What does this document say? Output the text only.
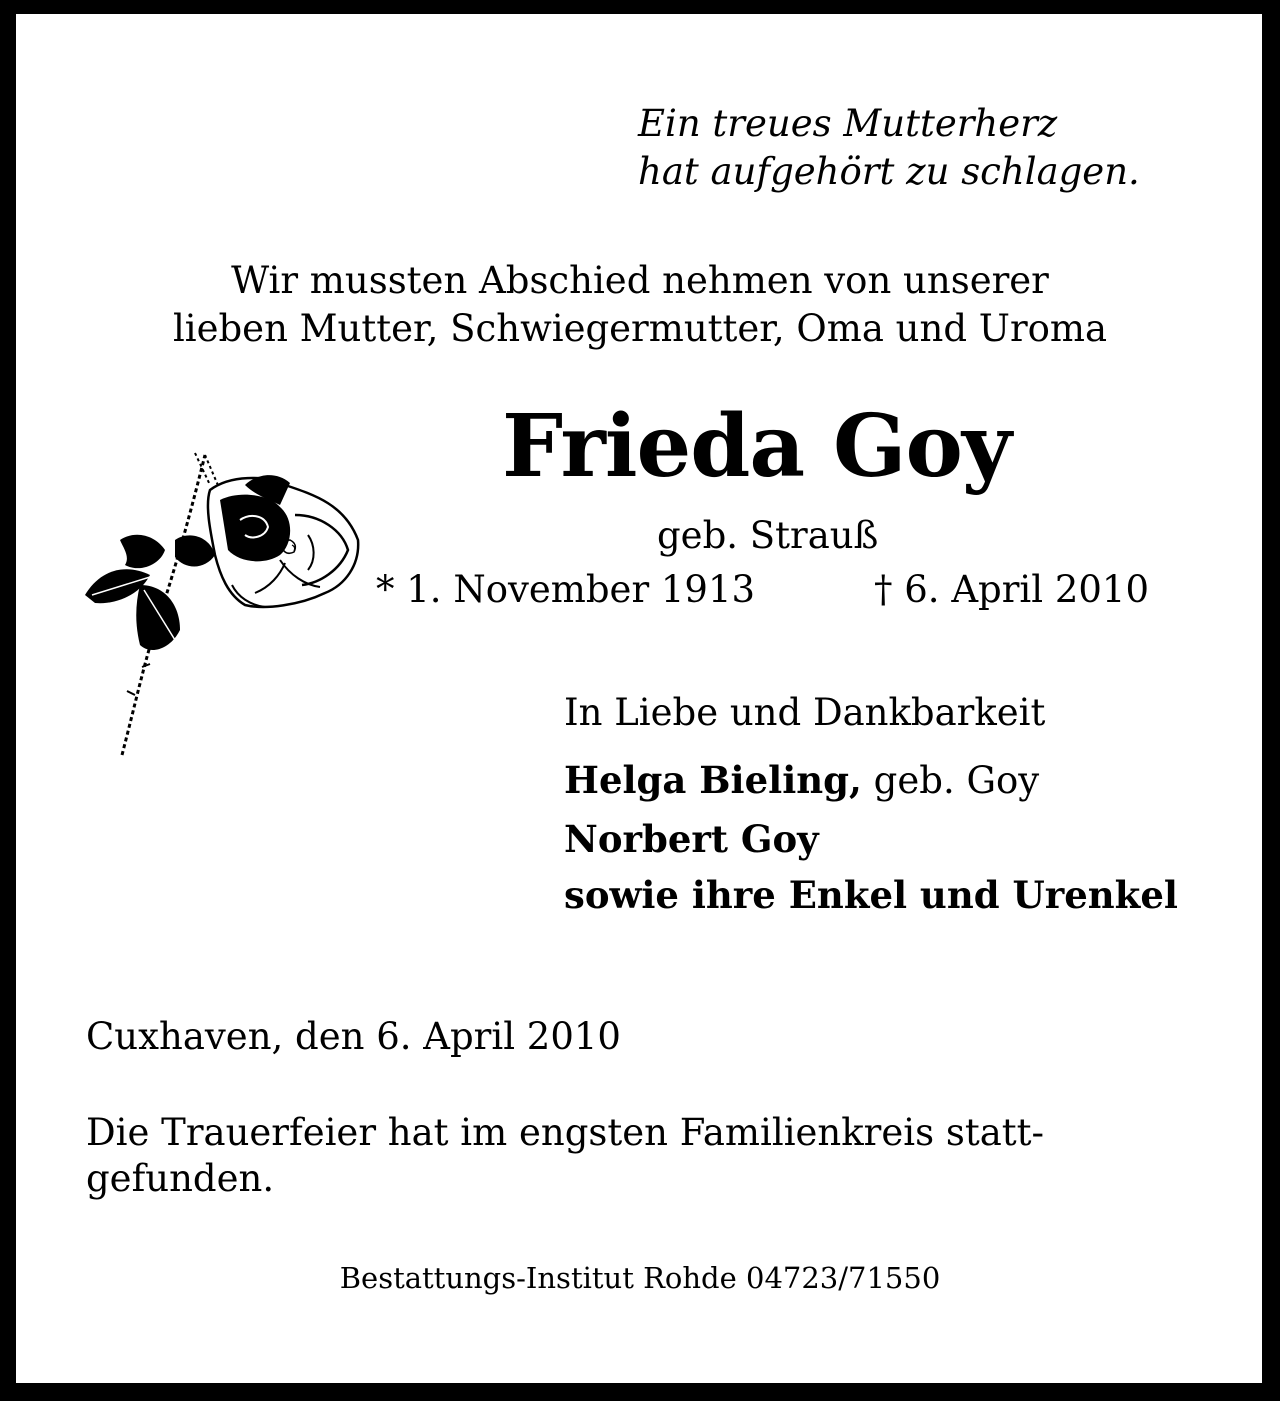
Ein treues Mutterherz
hat aufgehört zu schlagen.
Wir mussten Abschied nehmen von unserer
lieben Mutter, Schwiegermutter, Oma und Uroma
Frieda Goy
geb. Strauß
* 1. November 1913	† 6. April 2010
In Liebe und Dankbarkeit
Helga Bieling, geb. Goy
Norbert Goy
sowie ihre Enkel und Urenkel
Cuxhaven, den 6. April 2010
Die Trauerfeier hat im engsten Familienkreis statt-
gefunden.
Bestattungs-Institut Rohde 04723/71550
